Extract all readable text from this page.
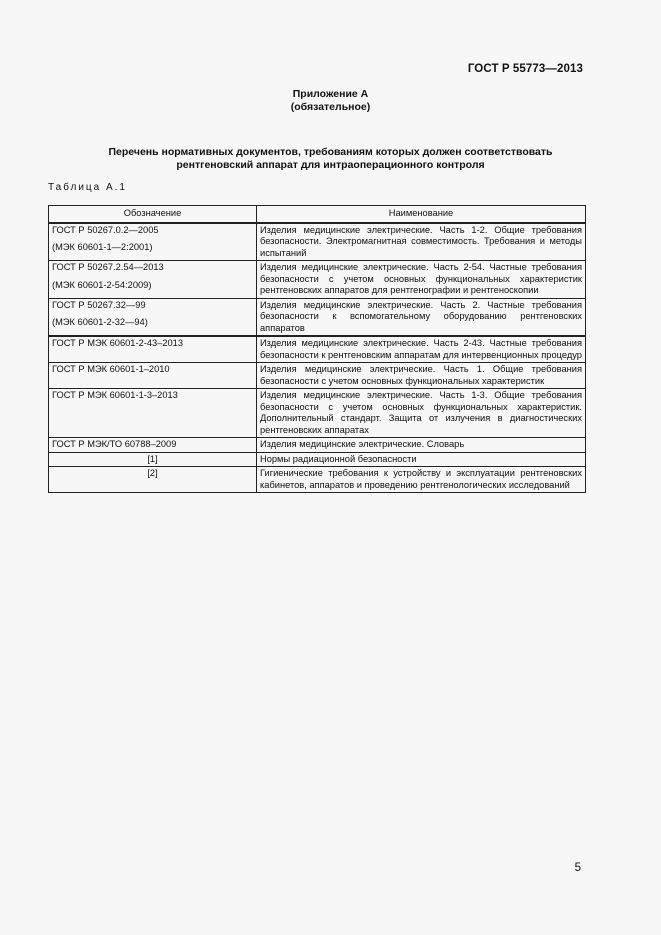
ГОСТ Р 55773—2013
Приложение А
(обязательное)
Перечень нормативных документов, требованиям которых должен соответствовать
рентгеновский аппарат для интраоперационного контроля
Таблица А.1
Обозначение	Наименование

ГОСТ Р 50267.0.2—2005
(МЭК 60601-1—2:2001)	Изделия медицинские электрические. Часть 1-2. Общие требования безопасности. Электромагнитная совместимость. Требования и методы испытаний

ГОСТ Р 50267.2.54—2013
(МЭК 60601-2-54:2009)	Изделия медицинские электрические. Часть 2-54. Частные требования безопасности с учетом основных функциональных характеристик рентгеновских аппаратов для рентгенографии и рентгеноскопии

ГОСТ Р 50267.32—99
(МЭК 60601-2-32—94)	Изделия медицинские электрические. Часть 2. Частные требования безопасности к вспомогательному оборудованию рентгеновских аппаратов

ГОСТ Р МЭК 60601-2-43–2013	Изделия медицинские электрические. Часть 2-43. Частные требования безопасности к рентгеновским аппаратам для интервенционных процедур

ГОСТ Р МЭК 60601-1–2010	Изделия медицинские электрические. Часть 1. Общие требования безопасности с учетом основных функциональных характеристик

ГОСТ Р МЭК 60601-1-3–2013	Изделия медицинские электрические. Часть 1-3. Общие требования безопасности с учетом основных функциональных характеристик. Дополнительный стандарт. Защита от излучения в диагностических рентгеновских аппаратах

ГОСТ Р МЭК/ТО 60788–2009	Изделия медицинские электрические. Словарь

[1]	Нормы радиационной безопасности

[2]	Гигиенические требования к устройству и эксплуатации рентгеновских кабинетов, аппаратов и проведению рентгенологических исследований
5
